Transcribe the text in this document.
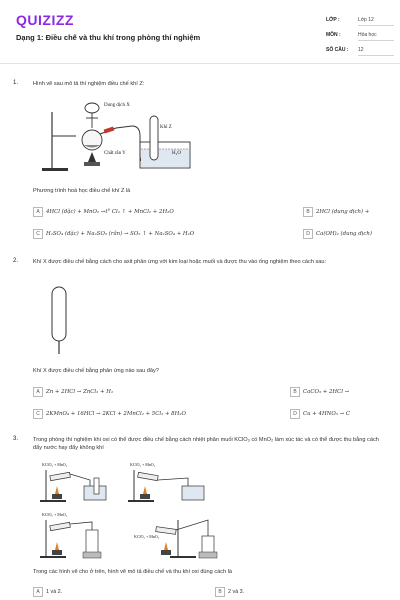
QUIZIZZ
Dạng 1: Điều chế và thu khí trong phòng thí nghiệm
LỚP :	Lớp 12
MÔN :	Hóa học
SỐ CÂU :	12
1.	Hình vẽ sau mô tả thí nghiệm điều chế khí Z:
Dung dịch X
Khí Z
Chất rắn Y	H₂O
Phương trình hoá học điều chế khí Z là
A 4HCl (đặc) + MnO₂ →t° Cl₂ ↑ + MnCl₂ + 2H₂O	B 2HCl (dung dịch) +
C H₂SO₄ (đặc) + Na₂SO₃ (rắn) → SO₂ ↑ + Na₂SO₄ + H₂O	D Ca(OH)₂ (dung dịch)
2.	Khí X được điều chế bằng cách cho axit phản ứng với kim loại hoặc muối và được thu vào ống nghiệm theo cách sau:
Khí X được điều chế bằng phản ứng nào sau đây?
A Zn + 2HCl → ZnCl₂ + H₂	B CaCO₃ + 2HCl →
C 2KMnO₄ + 16HCl → 2KCl + 2MnCl₂ + 5Cl₂ + 8H₂O	D Cu + 4HNO₃ → C
3.	Trong phòng thí nghiệm khi oxi có thể được điều chế bằng cách nhiệt phân muối KClO₃ có MnO₂ làm xúc tác và có thể được thu bằng cách đẩy nước hay đẩy không khí
KClO₃ + MnO₂	KClO₃ + MnO₂
KClO₃ + MnO₂
KClO₃ + MnO₂
Trong các hình vẽ cho ở trên, hình vẽ mô tả điều chế và thu khí oxi đúng cách là
A 1 và 2.	B 2 và 3.
